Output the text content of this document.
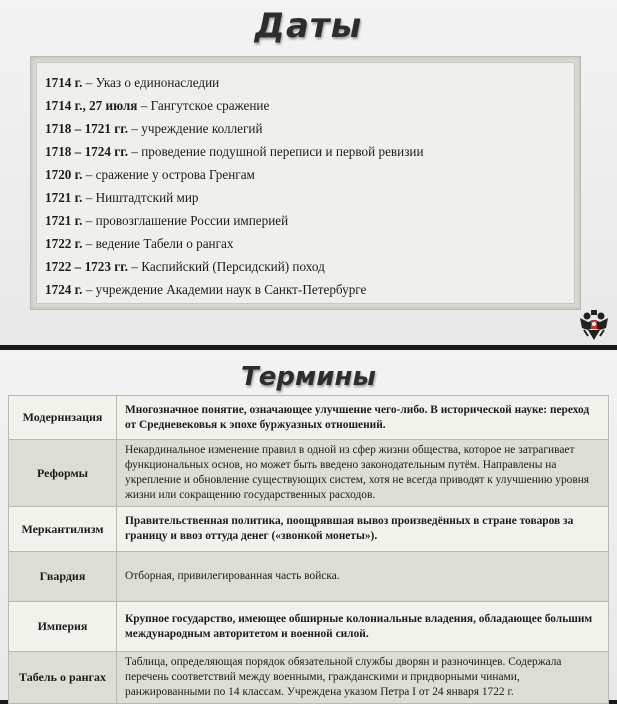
Даты
1714 г. – Указ о единонаследии
1714 г., 27 июля – Гангутское сражение
1718 – 1721 гг. – учреждение коллегий
1718 – 1724 гг. – проведение подушной переписи и первой ревизии
1720 г. – сражение у острова Гренгам
1721 г. – Ништадтский мир
1721 г. – провозглашение России империей
1722 г. – ведение Табели о рангах
1722 – 1723 гг. – Каспийский (Персидский) поход
1724 г. – учреждение Академии наук в Санкт-Петербурге
Термины
Модернизация	Многозначное понятие, означающее улучшение чего-либо. В исторической науке: переход от Средневековья к эпохе буржуазных отношений.
Реформы	Некардинальное изменение правил в одной из сфер жизни общества, которое не затрагивает функциональных основ, но может быть введено законодательным путём. Направлены на укрепление и обновление существующих систем, хотя не всегда приводят к улучшению уровня жизни или сокращению государственных расходов.
Меркантилизм	Правительственная политика, поощрявшая вывоз произведённых в стране товаров за границу и ввоз оттуда денег («звонкой монеты»).
Гвардия	Отборная, привилегированная часть войска.
Империя	Крупное государство, имеющее обширные колониальные владения, обладающее большим международным авторитетом и военной силой.
Табель о рангах	Таблица, определяющая порядок обязательной службы дворян и разночинцев. Содержала перечень соответствий между военными, гражданскими и придворными чинами, ранжированными по 14 классам. Учреждена указом Петра I от 24 января 1722 г.
